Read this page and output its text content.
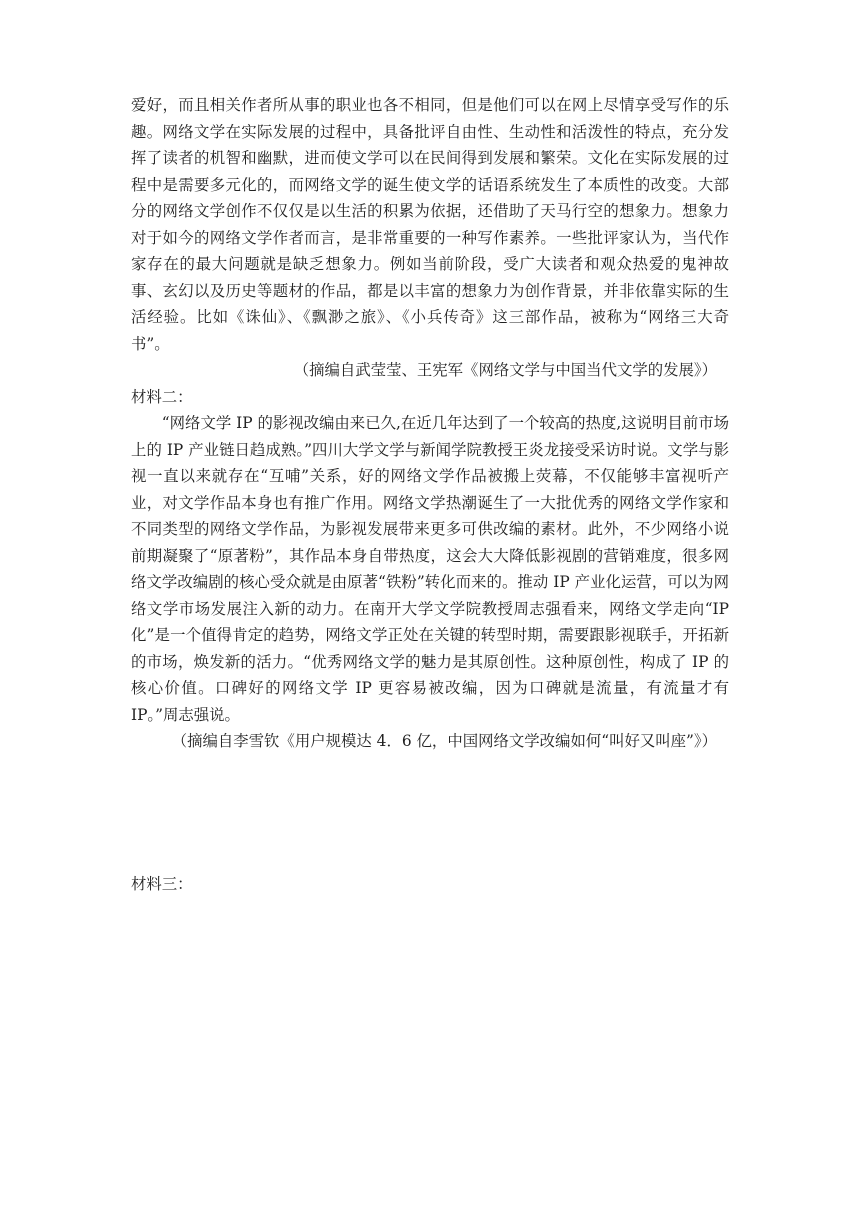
爱好，而且相关作者所从事的职业也各不相同，但是他们可以在网上尽情享受写作的乐趣。网络文学在实际发展的过程中，具备批评自由性、生动性和活泼性的特点，充分发挥了读者的机智和幽默，进而使文学可以在民间得到发展和繁荣。文化在实际发展的过程中是需要多元化的，而网络文学的诞生使文学的话语系统发生了本质性的改变。大部分的网络文学创作不仅仅是以生活的积累为依据，还借助了天马行空的想象力。想象力对于如今的网络文学作者而言，是非常重要的一种写作素养。一些批评家认为，当代作家存在的最大问题就是缺乏想象力。例如当前阶段，受广大读者和观众热爱的鬼神故事、玄幻以及历史等题材的作品，都是以丰富的想象力为创作背景，并非依靠实际的生活经验。比如《诛仙》、《飘渺之旅》、《小兵传奇》这三部作品，被称为“网络三大奇书”。

（摘编自武莹莹、王宪军《网络文学与中国当代文学的发展》）

材料二：

“网络文学 IP 的影视改编由来已久,在近几年达到了一个较高的热度,这说明目前市场上的 IP 产业链日趋成熟。”四川大学文学与新闻学院教授王炎龙接受采访时说。文学与影视一直以来就存在“互哺”关系，好的网络文学作品被搬上荧幕，不仅能够丰富视听产业，对文学作品本身也有推广作用。网络文学热潮诞生了一大批优秀的网络文学作家和不同类型的网络文学作品，为影视发展带来更多可供改编的素材。此外，不少网络小说前期凝聚了“原著粉”，其作品本身自带热度，这会大大降低影视剧的营销难度，很多网络文学改编剧的核心受众就是由原著“铁粉”转化而来的。推动 IP 产业化运营，可以为网络文学市场发展注入新的动力。在南开大学文学院教授周志强看来，网络文学走向“IP 化”是一个值得肯定的趋势，网络文学正处在关键的转型时期，需要跟影视联手，开拓新的市场，焕发新的活力。“优秀网络文学的魅力是其原创性。这种原创性，构成了 IP 的核心价值。口碑好的网络文学 IP 更容易被改编，因为口碑就是流量，有流量才有 IP。”周志强说。

（摘编自李雪钦《用户规模达 4．6 亿，中国网络文学改编如何“叫好又叫座”》）

材料三：
